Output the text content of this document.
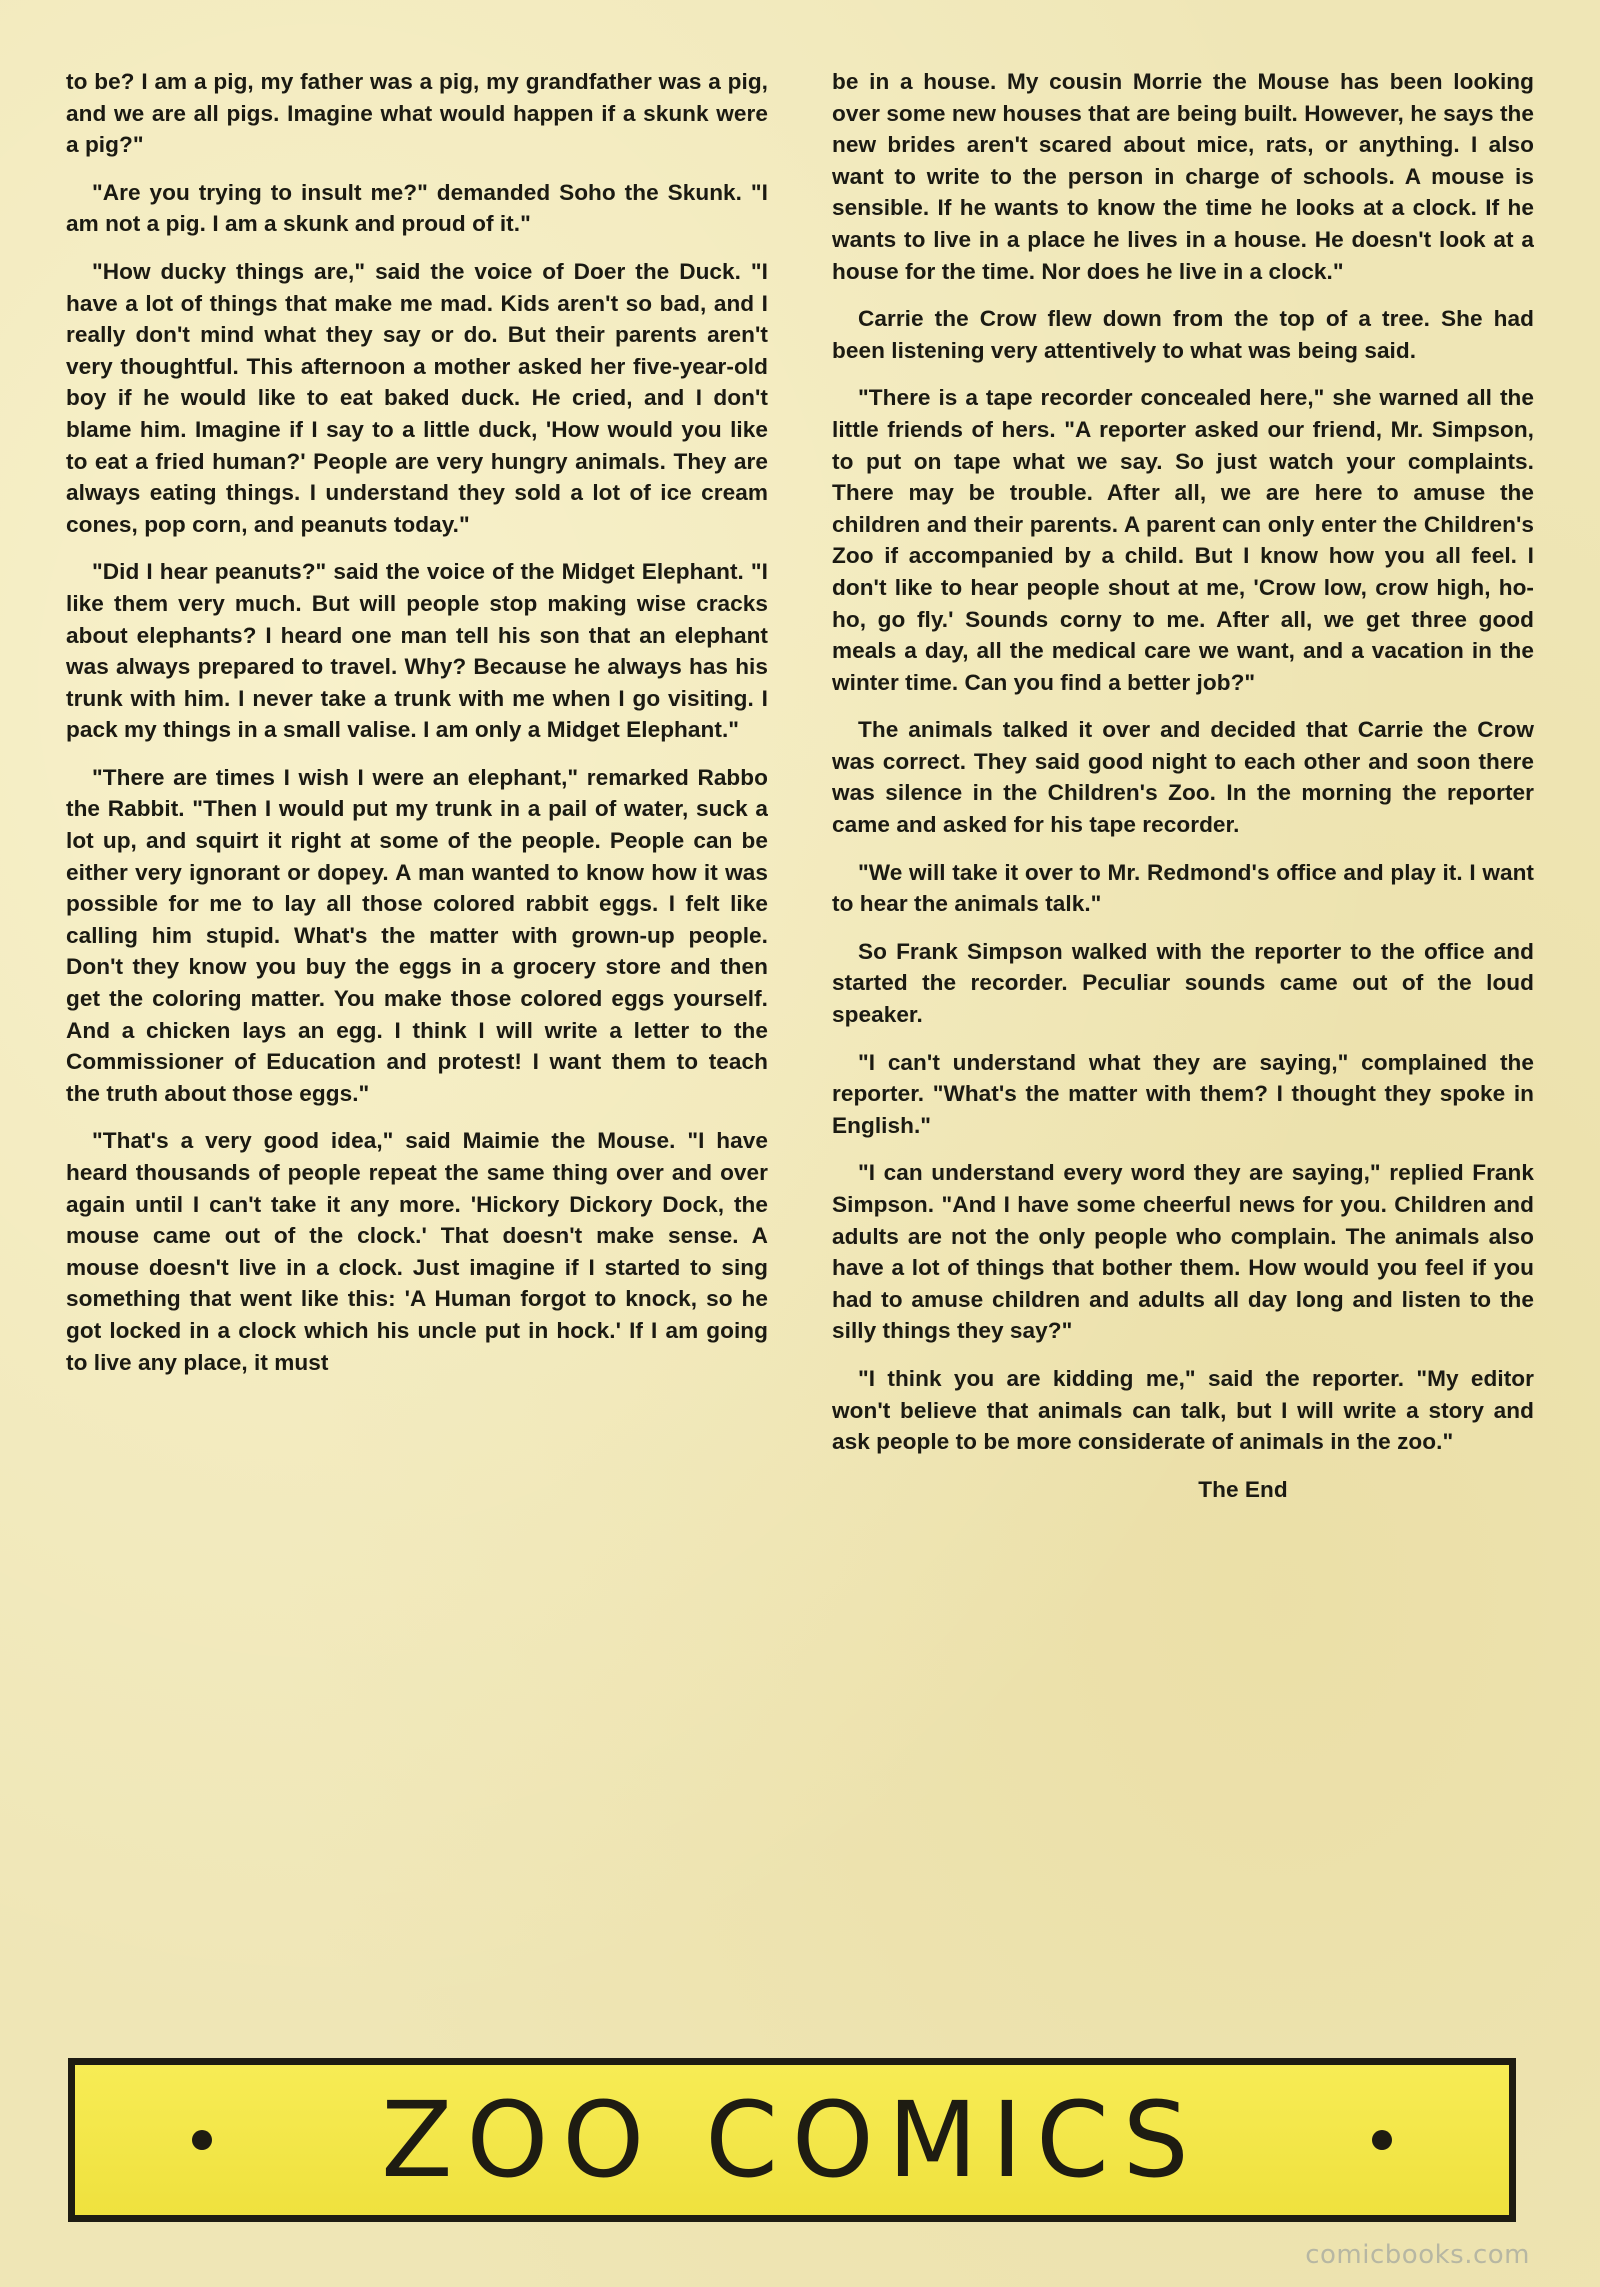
to be? I am a pig, my father was a pig, my grandfather was a pig, and we are all pigs. Imagine what would happen if a skunk were a pig?"

"Are you trying to insult me?" demanded Soho the Skunk. "I am not a pig. I am a skunk and proud of it."

"How ducky things are," said the voice of Doer the Duck. "I have a lot of things that make me mad. Kids aren't so bad, and I really don't mind what they say or do. But their parents aren't very thoughtful. This afternoon a mother asked her five-year-old boy if he would like to eat baked duck. He cried, and I don't blame him. Imagine if I say to a little duck, 'How would you like to eat a fried human?' People are very hungry animals. They are always eating things. I understand they sold a lot of ice cream cones, pop corn, and peanuts today."

"Did I hear peanuts?" said the voice of the Midget Elephant. "I like them very much. But will people stop making wise cracks about elephants? I heard one man tell his son that an elephant was always prepared to travel. Why? Because he always has his trunk with him. I never take a trunk with me when I go visiting. I pack my things in a small valise. I am only a Midget Elephant."

"There are times I wish I were an elephant," remarked Rabbo the Rabbit. "Then I would put my trunk in a pail of water, suck a lot up, and squirt it right at some of the people. People can be either very ignorant or dopey. A man wanted to know how it was possible for me to lay all those colored rabbit eggs. I felt like calling him stupid. What's the matter with grown-up people. Don't they know you buy the eggs in a grocery store and then get the coloring matter. You make those colored eggs yourself. And a chicken lays an egg. I think I will write a letter to the Commissioner of Education and protest! I want them to teach the truth about those eggs."

"That's a very good idea," said Maimie the Mouse. "I have heard thousands of people repeat the same thing over and over again until I can't take it any more. 'Hickory Dickory Dock, the mouse came out of the clock.' That doesn't make sense. A mouse doesn't live in a clock. Just imagine if I started to sing something that went like this: 'A Human forgot to knock, so he got locked in a clock which his uncle put in hock.' If I am going to live any place, it must

be in a house. My cousin Morrie the Mouse has been looking over some new houses that are being built. However, he says the new brides aren't scared about mice, rats, or anything. I also want to write to the person in charge of schools. A mouse is sensible. If he wants to know the time he looks at a clock. If he wants to live in a place he lives in a house. He doesn't look at a house for the time. Nor does he live in a clock."

Carrie the Crow flew down from the top of a tree. She had been listening very attentively to what was being said.

"There is a tape recorder concealed here," she warned all the little friends of hers. "A reporter asked our friend, Mr. Simpson, to put on tape what we say. So just watch your complaints. There may be trouble. After all, we are here to amuse the children and their parents. A parent can only enter the Children's Zoo if accompanied by a child. But I know how you all feel. I don't like to hear people shout at me, 'Crow low, crow high, ho-ho, go fly.' Sounds corny to me. After all, we get three good meals a day, all the medical care we want, and a vacation in the winter time. Can you find a better job?"

The animals talked it over and decided that Carrie the Crow was correct. They said good night to each other and soon there was silence in the Children's Zoo. In the morning the reporter came and asked for his tape recorder.

"We will take it over to Mr. Redmond's office and play it. I want to hear the animals talk."

So Frank Simpson walked with the reporter to the office and started the recorder. Peculiar sounds came out of the loud speaker.

"I can't understand what they are saying," complained the reporter. "What's the matter with them? I thought they spoke in English."

"I can understand every word they are saying," replied Frank Simpson. "And I have some cheerful news for you. Children and adults are not the only people who complain. The animals also have a lot of things that bother them. How would you feel if you had to amuse children and adults all day long and listen to the silly things they say?"

"I think you are kidding me," said the reporter. "My editor won't believe that animals can talk, but I will write a story and ask people to be more considerate of animals in the zoo."

The End

ZOO COMICS
comicbooks.com
